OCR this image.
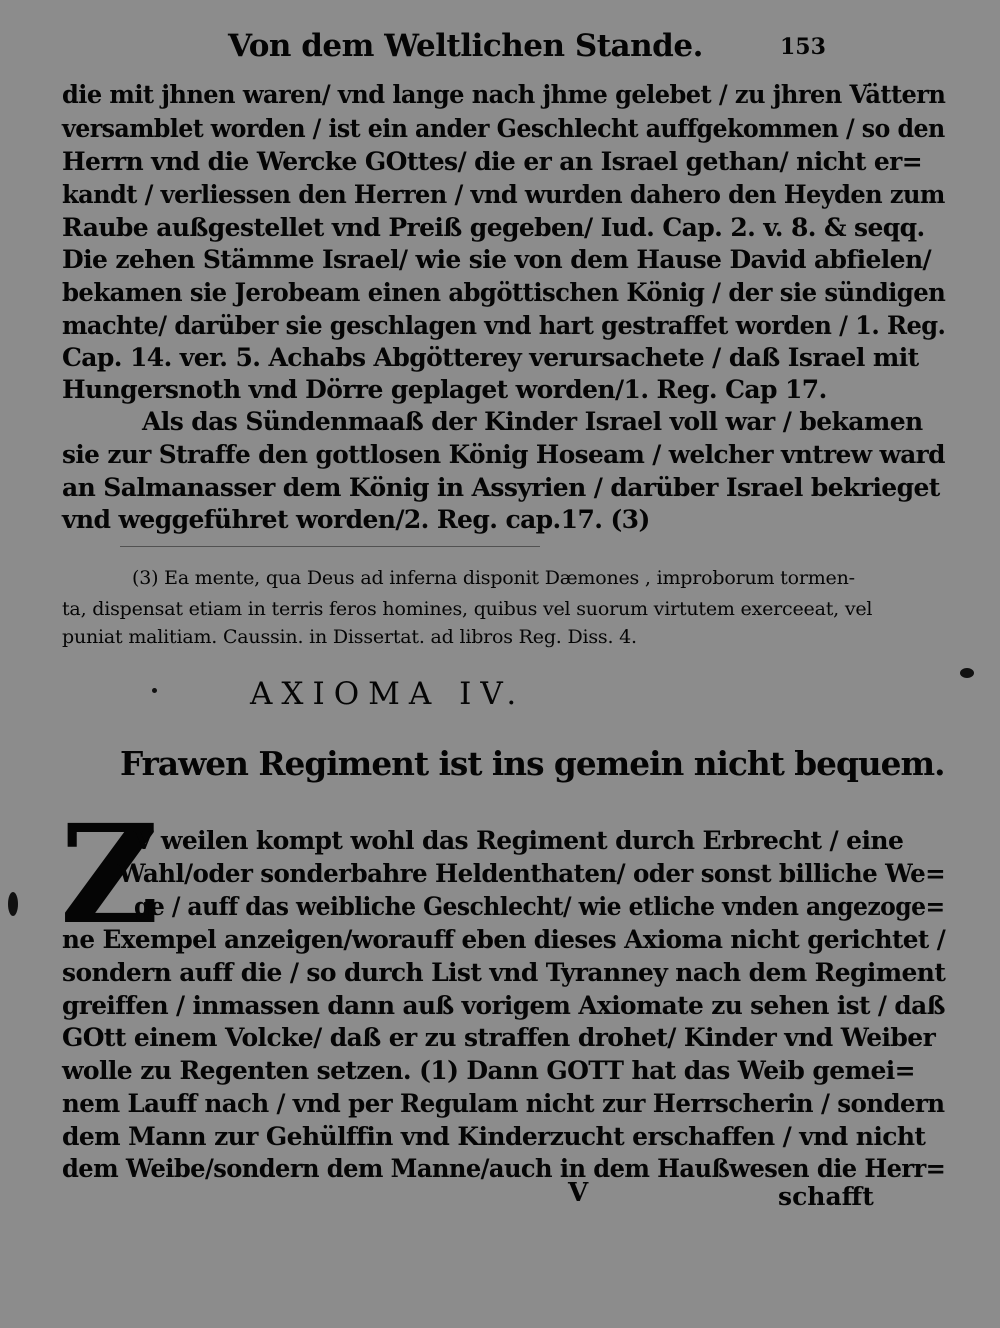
Von dem Weltlichen Stande.	153
die mit jhnen waren/ vnd lange nach jhme gelebet / zu jhren Vättern
versamblet worden / ist ein ander Geschlecht auffgekommen / so den
Herrn vnd die Wercke GOttes/ die er an Israel gethan/ nicht er=
kandt / verliessen den Herren / vnd wurden dahero den Heyden zum
Raube außgestellet vnd Preiß gegeben/ Iud. Cap. 2. v. 8. & seqq.
Die zehen Stämme Israel/ wie sie von dem Hause David abfielen/
bekamen sie Jerobeam einen abgöttischen König / der sie sündigen
machte/ darüber sie geschlagen vnd hart gestraffet worden / 1. Reg.
Cap. 14. ver. 5. Achabs Abgötterey verursachete / daß Israel mit
Hungersnoth vnd Dörre geplaget worden/1. Reg. Cap 17.
Als das Sündenmaaß der Kinder Israel voll war / bekamen
sie zur Straffe den gottlosen König Hoseam / welcher vntrew ward
an Salmanasser dem König in Assyrien / darüber Israel bekrieget
vnd weggeführet worden/2. Reg. cap.17. (3)
(3) Ea mente, qua Deus ad inferna disponit Dæmones , improborum tormen-
ta, dispensat etiam in terris feros homines, quibus vel suorum virtutem exerceeat, vel
puniat malitiam. Caussin. in Dissertat. ad libros Reg. Diss. 4.
AXIOMA IV.
Frawen Regiment ist ins gemein nicht bequem.
Z
V weilen kompt wohl das Regiment durch Erbrecht / eine
Wahl/oder sonderbahre Heldenthaten/ oder sonst billiche We=
ge / auff das weibliche Geschlecht/ wie etliche vnden angezoge=
ne Exempel anzeigen/worauff eben dieses Axioma nicht gerichtet /
sondern auff die / so durch List vnd Tyranney nach dem Regiment
greiffen / inmassen dann auß vorigem Axiomate zu sehen ist / daß
GOtt einem Volcke/ daß er zu straffen drohet/ Kinder vnd Weiber
wolle zu Regenten setzen. (1) Dann GOTT hat das Weib gemei=
nem Lauff nach / vnd per Regulam nicht zur Herrscherin / sondern
dem Mann zur Gehülffin vnd Kinderzucht erschaffen / vnd nicht
dem Weibe/sondern dem Manne/auch in dem Haußwesen die Herr=
V	schafft
